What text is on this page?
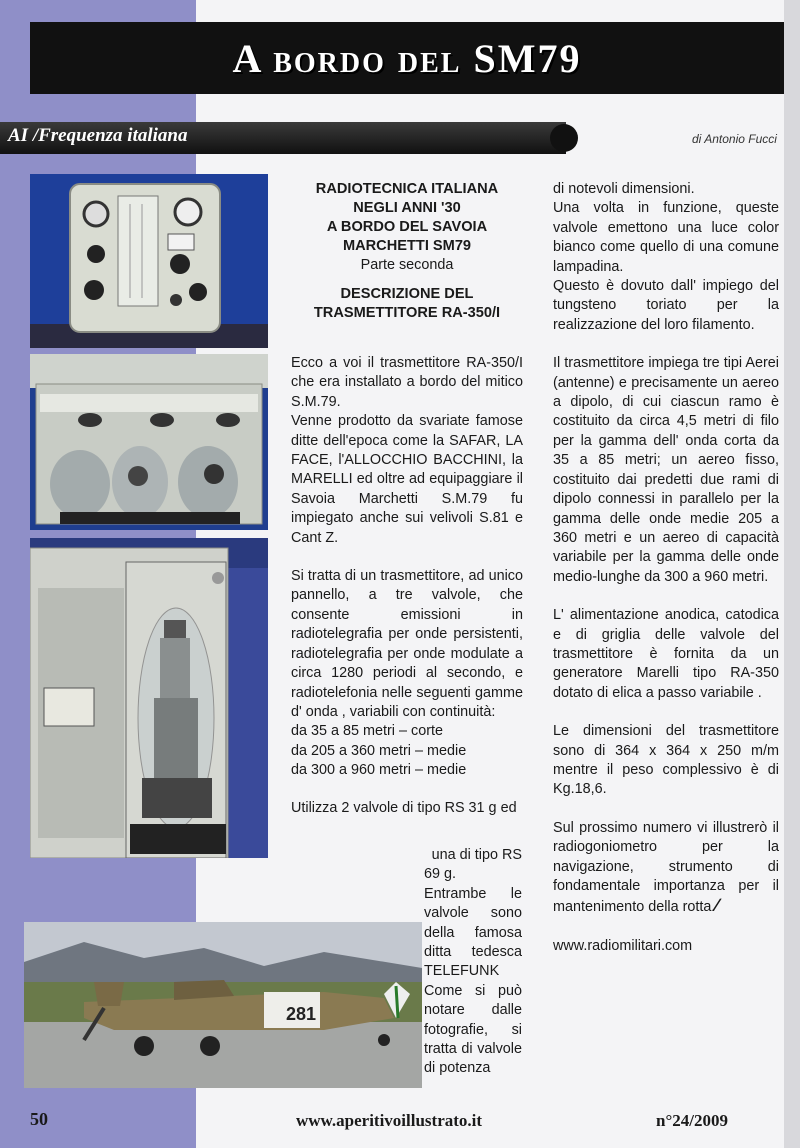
A bordo del SM79
AI /Frequenza italiana	di Antonio Fucci
281
RADIOTECNICA ITALIANA
NEGLI ANNI '30
A BORDO DEL SAVOIA
MARCHETTI SM79
Parte seconda
DESCRIZIONE DEL
TRASMETTITORE RA-350/I

Ecco a voi il trasmettitore RA-350/I che era installato a bordo del mitico S.M.79.

Venne prodotto da svariate famose ditte dell'epoca come la SAFAR, LA FACE, l'ALLOCCHIO BACCHINI, la MARELLI ed oltre ad equipaggiare il Savoia Marchetti S.M.79 fu impiegato anche sui velivoli S.81 e Cant Z.

Si tratta di un trasmettitore, ad unico pannello, a tre valvole, che consente emissioni in radiotelegrafia per onde persistenti, radiotelegrafia per onde modulate a circa 1280 periodi al secondo, e radiotelefonia nelle seguenti gamme d' onda , variabili con continuità:

da 35 a 85 metri – corte
da 205 a 360 metri – medie
da 300 a 960 metri – medie

Utilizza 2 valvole di tipo RS 31 g ed

una di tipo RS
69 g.

Entrambe le valvole sono della famosa ditta tedesca TELEFUNK

Come si può notare dalle fotografie, si tratta di valvole di potenza

di notevoli dimensioni.

Una volta in funzione, queste valvole emettono una luce color bianco come quello di una comune lampadina.

Questo è dovuto dall' impiego del tungsteno toriato per la realizzazione del loro filamento.

Il trasmettitore impiega tre tipi Aerei (antenne) e precisamente un aereo a dipolo, di cui ciascun ramo è costituito da circa 4,5 metri di filo per la gamma dell' onda corta da 35 a 85 metri; un aereo fisso, costituito dai predetti due rami di dipolo connessi in parallelo per la gamma delle onde medie 205 a 360 metri e un aereo di capacità variabile per la gamma delle onde medio-lunghe da 300 a 960 metri.

L' alimentazione anodica, catodica e di griglia delle valvole del trasmettitore è fornita da un generatore Marelli tipo RA-350 dotato di elica a passo variabile .

Le dimensioni del trasmettitore sono di 364 x 364 x 250 m/m mentre il peso complessivo è di Kg.18,6.

Sul prossimo numero vi illustrerò il radiogoniometro per la navigazione, strumento di fondamentale importanza per il mantenimento della rotta.∕

www.radiomilitari.com

50	www.aperitivoillustrato.it	n°24/2009
